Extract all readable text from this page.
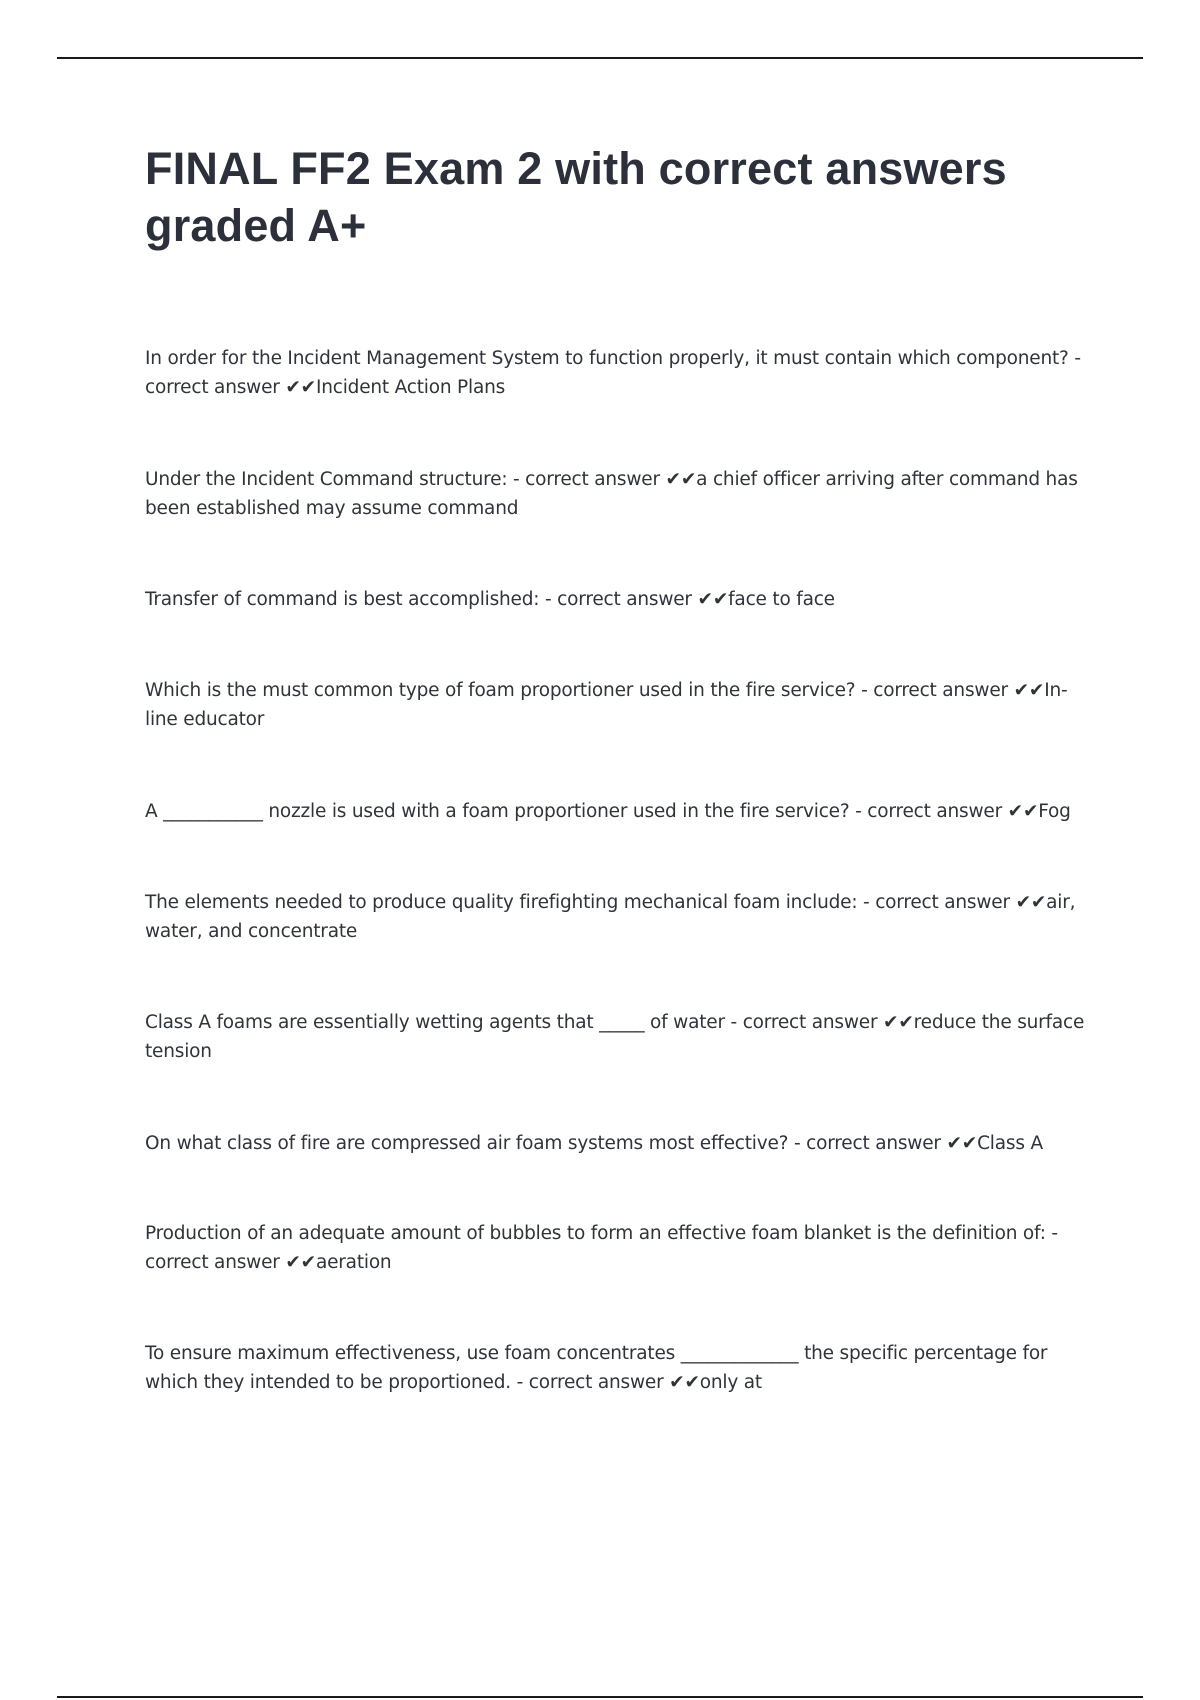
FINAL FF2 Exam 2 with correct answers
graded A+

In order for the Incident Management System to function properly, it must contain which component? - correct answer ✔✔Incident Action Plans

Under the Incident Command structure: - correct answer ✔✔a chief officer arriving after command has been established may assume command

Transfer of command is best accomplished: - correct answer ✔✔face to face

Which is the must common type of foam proportioner used in the fire service? - correct answer ✔✔In-line educator

A ___________ nozzle is used with a foam proportioner used in the fire service? - correct answer ✔✔Fog

The elements needed to produce quality firefighting mechanical foam include: - correct answer ✔✔air, water, and concentrate

Class A foams are essentially wetting agents that _____ of water - correct answer ✔✔reduce the surface tension

On what class of fire are compressed air foam systems most effective? - correct answer ✔✔Class A

Production of an adequate amount of bubbles to form an effective foam blanket is the definition of: - correct answer ✔✔aeration

To ensure maximum effectiveness, use foam concentrates _____________ the specific percentage for which they intended to be proportioned. - correct answer ✔✔only at
